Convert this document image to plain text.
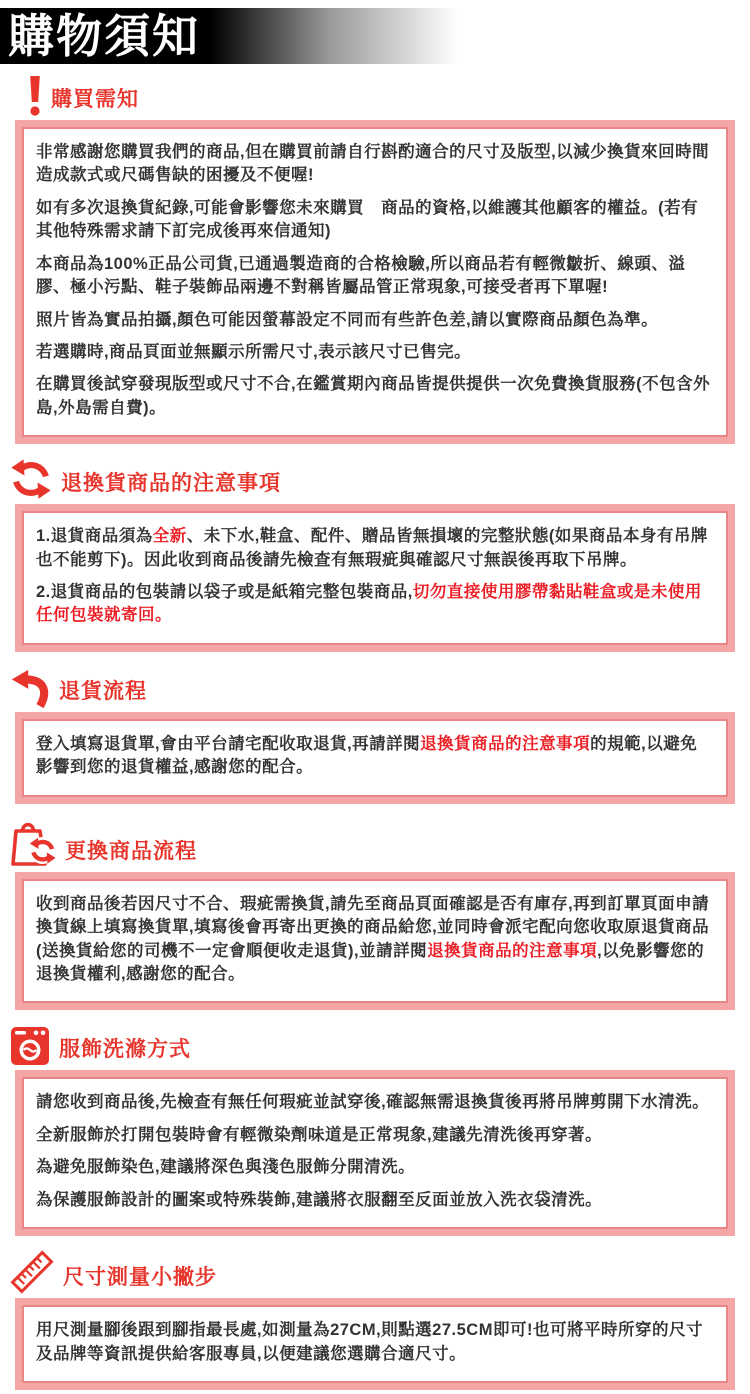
購物須知
購買需知

非常感謝您購買我們的商品,但在購買前請自行斟酌適合的尺寸及版型,以減少換貨來回時間造成款式或尺碼售缺的困擾及不便喔!

如有多次退換貨紀錄,可能會影響您未來購買　商品的資格,以維護其他顧客的權益。(若有其他特殊需求請下訂完成後再來信通知)

本商品為100%正品公司貨,已通過製造商的合格檢驗,所以商品若有輕微皺折、線頭、溢膠、極小污點、鞋子裝飾品兩邊不對稱皆屬品管正常現象,可接受者再下單喔!

照片皆為實品拍攝,顏色可能因螢幕設定不同而有些許色差,請以實際商品顏色為準。

若選購時,商品頁面並無顯示所需尺寸,表示該尺寸已售完。

在購買後試穿發現版型或尺寸不合,在鑑賞期內商品皆提供提供一次免費換貨服務(不包含外島,外島需自費)。

退換貨商品的注意事項

1.退貨商品須為全新、未下水,鞋盒、配件、贈品皆無損壞的完整狀態(如果商品本身有吊牌也不能剪下)。因此收到商品後請先檢查有無瑕疵與確認尺寸無誤後再取下吊牌。

2.退貨商品的包裝請以袋子或是紙箱完整包裝商品,切勿直接使用膠帶黏貼鞋盒或是未使用任何包裝就寄回。

退貨流程

登入填寫退貨單,會由平台請宅配收取退貨,再請詳閱退換貨商品的注意事項的規範,以避免影響到您的退貨權益,感謝您的配合。

更換商品流程

收到商品後若因尺寸不合、瑕疵需換貨,請先至商品頁面確認是否有庫存,再到訂單頁面申請換貨線上填寫換貨單,填寫後會再寄出更換的商品給您,並同時會派宅配向您收取原退貨商品(送換貨給您的司機不一定會順便收走退貨),並請詳閱退換貨商品的注意事項,以免影響您的退換貨權利,感謝您的配合。

服飾洗滌方式

請您收到商品後,先檢查有無任何瑕疵並試穿後,確認無需退換貨後再將吊牌剪開下水清洗。

全新服飾於打開包裝時會有輕微染劑味道是正常現象,建議先清洗後再穿著。

為避免服飾染色,建議將深色與淺色服飾分開清洗。

為保護服飾設計的圖案或特殊裝飾,建議將衣服翻至反面並放入洗衣袋清洗。

尺寸測量小撇步

用尺測量腳後跟到腳指最長處,如測量為27CM,則點選27.5CM即可!也可將平時所穿的尺寸及品牌等資訊提供給客服專員,以便建議您選購合適尺寸。
